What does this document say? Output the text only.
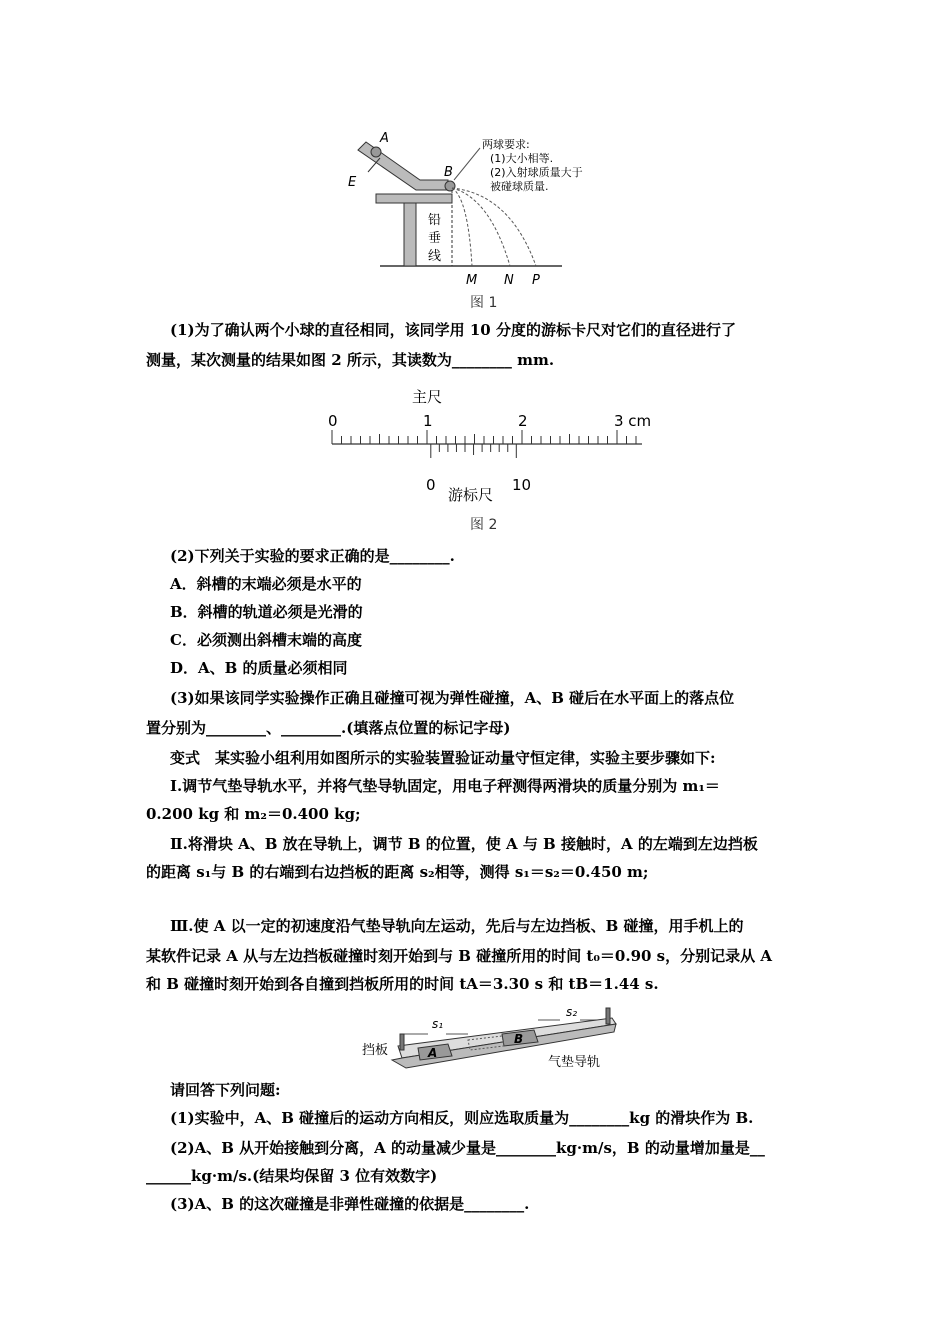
A
B
E
铅
垂
线
M N P
两球要求:
(1)大小相等.
(2)入射球质量大于
被碰球质量.
图 1
(1)为了确认两个小球的直径相同，该同学用 10 分度的游标卡尺对它们的直径进行了
测量，某次测量的结果如图 2 所示，其读数为________ mm.
主尺
0	1	2	3 cm
0	10
游标尺
图 2
(2)下列关于实验的要求正确的是________.
A．斜槽的末端必须是水平的
B．斜槽的轨道必须是光滑的
C．必须测出斜槽末端的高度
D．A、B 的质量必须相同
(3)如果该同学实验操作正确且碰撞可视为弹性碰撞，A、B 碰后在水平面上的落点位
置分别为________、________.(填落点位置的标记字母)
变式　某实验小组利用如图所示的实验装置验证动量守恒定律，实验主要步骤如下:
Ⅰ.调节气垫导轨水平，并将气垫导轨固定，用电子秤测得两滑块的质量分别为 m₁＝
0.200 kg 和 m₂＝0.400 kg;
Ⅱ.将滑块 A、B 放在导轨上，调节 B 的位置，使 A 与 B 接触时，A 的左端到左边挡板
的距离 s₁与 B 的右端到右边挡板的距离 s₂相等，测得 s₁＝s₂＝0.450 m;
Ⅲ.使 A 以一定的初速度沿气垫导轨向左运动，先后与左边挡板、B 碰撞，用手机上的
某软件记录 A 从与左边挡板碰撞时刻开始到与 B 碰撞所用的时间 t₀＝0.90 s，分别记录从 A
和 B 碰撞时刻开始到各自撞到挡板所用的时间 tA＝3.30 s 和 tB＝1.44 s.
s₁
s₂
A
B
挡板
气垫导轨
请回答下列问题:
(1)实验中，A、B 碰撞后的运动方向相反，则应选取质量为________kg 的滑块作为 B.
(2)A、B 从开始接触到分离，A 的动量减少量是________kg·m/s，B 的动量增加量是__
______kg·m/s.(结果均保留 3 位有效数字)
(3)A、B 的这次碰撞是非弹性碰撞的依据是________.
